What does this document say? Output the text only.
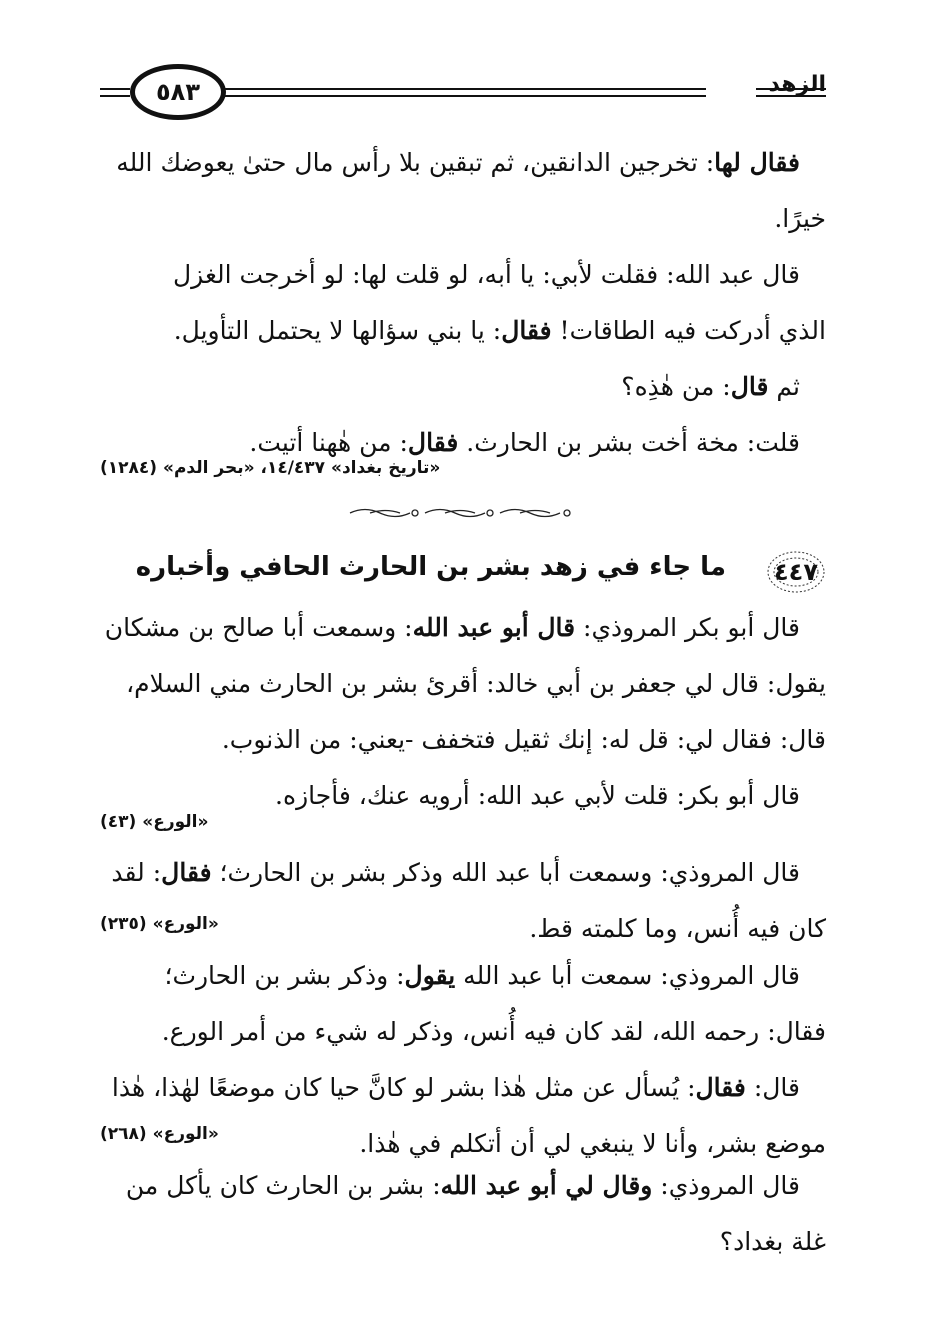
الزهد
٥٨٣
فقال لها: تخرجين الدانقين، ثم تبقين بلا رأس مال حتىٰ يعوضك الله
خيرًا.
قال عبد الله: فقلت لأبي: يا أبه، لو قلت لها: لو أخرجت الغزل
الذي أدركت فيه الطاقات! فقال: يا بني سؤالها لا يحتمل التأويل.
ثم قال: من هٰذِه؟
قلت: مخة أخت بشر بن الحارث. فقال: من هٰهنا أتيت.
«تاريخ بغداد» ١٤/٤٣٧، «بحر الدم» (١٢٨٤)
٤٤٧
ما جاء في زهد بشر بن الحارث الحافي وأخباره
قال أبو بكر المروذي: قال أبو عبد الله: وسمعت أبا صالح بن مشكان
يقول: قال لي جعفر بن أبي خالد: أقرئ بشر بن الحارث مني السلام،
قال: فقال لي: قل له: إنك ثقيل فتخفف -يعني: من الذنوب.
قال أبو بكر: قلت لأبي عبد الله: أرويه عنك، فأجازه.
«الورع» (٤٣)
قال المروذي: وسمعت أبا عبد الله وذكر بشر بن الحارث؛ فقال: لقد
كان فيه أُنس، وما كلمته قط.
«الورع» (٢٣٥)
قال المروذي: سمعت أبا عبد الله يقول: وذكر بشر بن الحارث؛
فقال: رحمه الله، لقد كان فيه أُنس، وذكر له شيء من أمر الورع.
قال: فقال: يُسأل عن مثل هٰذا بشر لو كانَّ حيا كان موضعًا لهٰذا، هٰذا
موضع بشر، وأنا لا ينبغي لي أن أتكلم في هٰذا.
«الورع» (٢٦٨)
قال المروذي: وقال لي أبو عبد الله: بشر بن الحارث كان يأكل من
غلة بغداد؟
